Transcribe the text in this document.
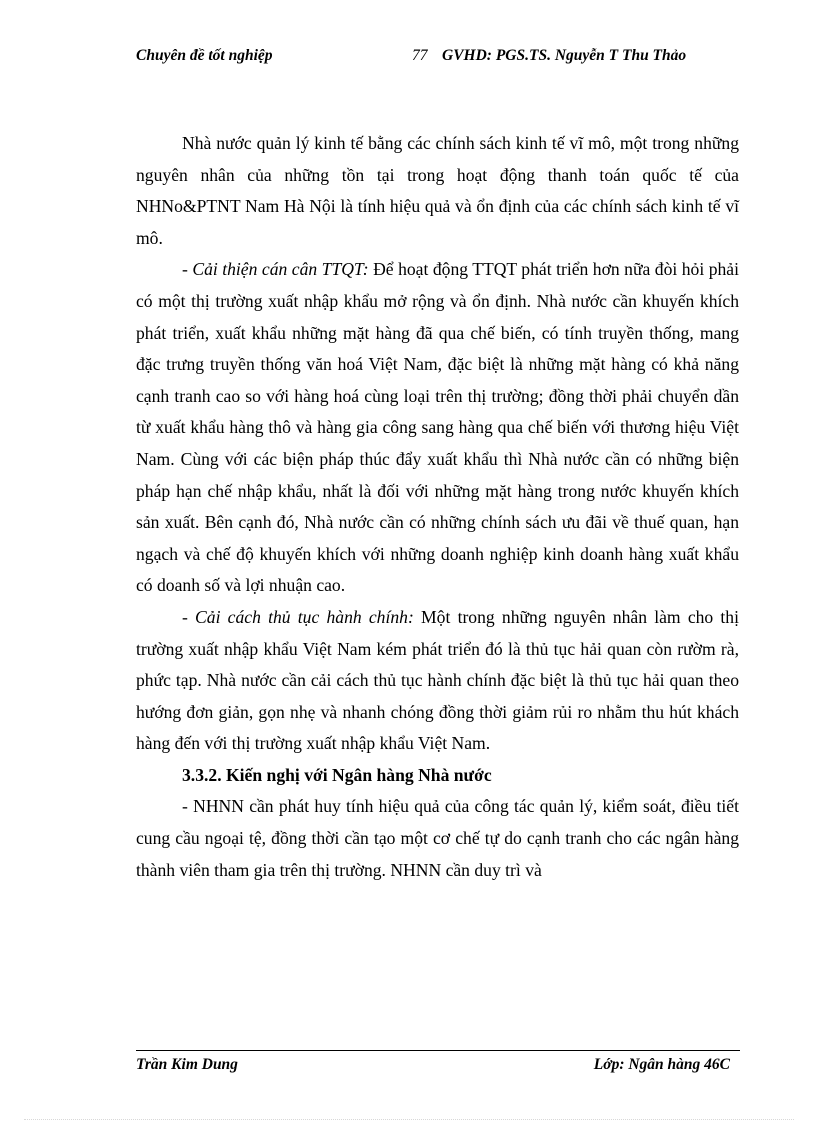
Chuyên đề tốt nghiệp	77 GVHD: PGS.TS. Nguyễn T Thu Thảo

Nhà nước quản lý kinh tế bằng các chính sách kinh tế vĩ mô, một trong những nguyên nhân của những tồn tại trong hoạt động thanh toán quốc tế của NHNo&PTNT Nam Hà Nội là tính hiệu quả và ổn định của các chính sách kinh tế vĩ mô.

- Cải thiện cán cân TTQT: Để hoạt động TTQT phát triển hơn nữa đòi hỏi phải có một thị trường xuất nhập khẩu mở rộng và ổn định. Nhà nước cần khuyến khích phát triển, xuất khẩu những mặt hàng đã qua chế biến, có tính truyền thống, mang đặc trưng truyền thống văn hoá Việt Nam, đặc biệt là những mặt hàng có khả năng cạnh tranh cao so với hàng hoá cùng loại trên thị trường; đồng thời phải chuyển dần từ xuất khẩu hàng thô và hàng gia công sang hàng qua chế biến với thương hiệu Việt Nam. Cùng với các biện pháp thúc đẩy xuất khẩu thì Nhà nước cần có những biện pháp hạn chế nhập khẩu, nhất là đối với những mặt hàng trong nước khuyến khích sản xuất. Bên cạnh đó, Nhà nước cần có những chính sách ưu đãi về thuế quan, hạn ngạch và chế độ khuyến khích với những doanh nghiệp kinh doanh hàng xuất khẩu có doanh số và lợi nhuận cao.

- Cải cách thủ tục hành chính: Một trong những nguyên nhân làm cho thị trường xuất nhập khẩu Việt Nam kém phát triển đó là thủ tục hải quan còn rườm rà, phức tạp. Nhà nước cần cải cách thủ tục hành chính đặc biệt là thủ tục hải quan theo hướng đơn giản, gọn nhẹ và nhanh chóng đồng thời giảm rủi ro nhằm thu hút khách hàng đến với thị trường xuất nhập khẩu Việt Nam.

3.3.2. Kiến nghị với Ngân hàng Nhà nước

- NHNN cần phát huy tính hiệu quả của công tác quản lý, kiểm soát, điều tiết cung cầu ngoại tệ, đồng thời cần tạo một cơ chế tự do cạnh tranh cho các ngân hàng thành viên tham gia trên thị trường. NHNN cần duy trì và

Trần Kim Dung	Lớp: Ngân hàng 46C
